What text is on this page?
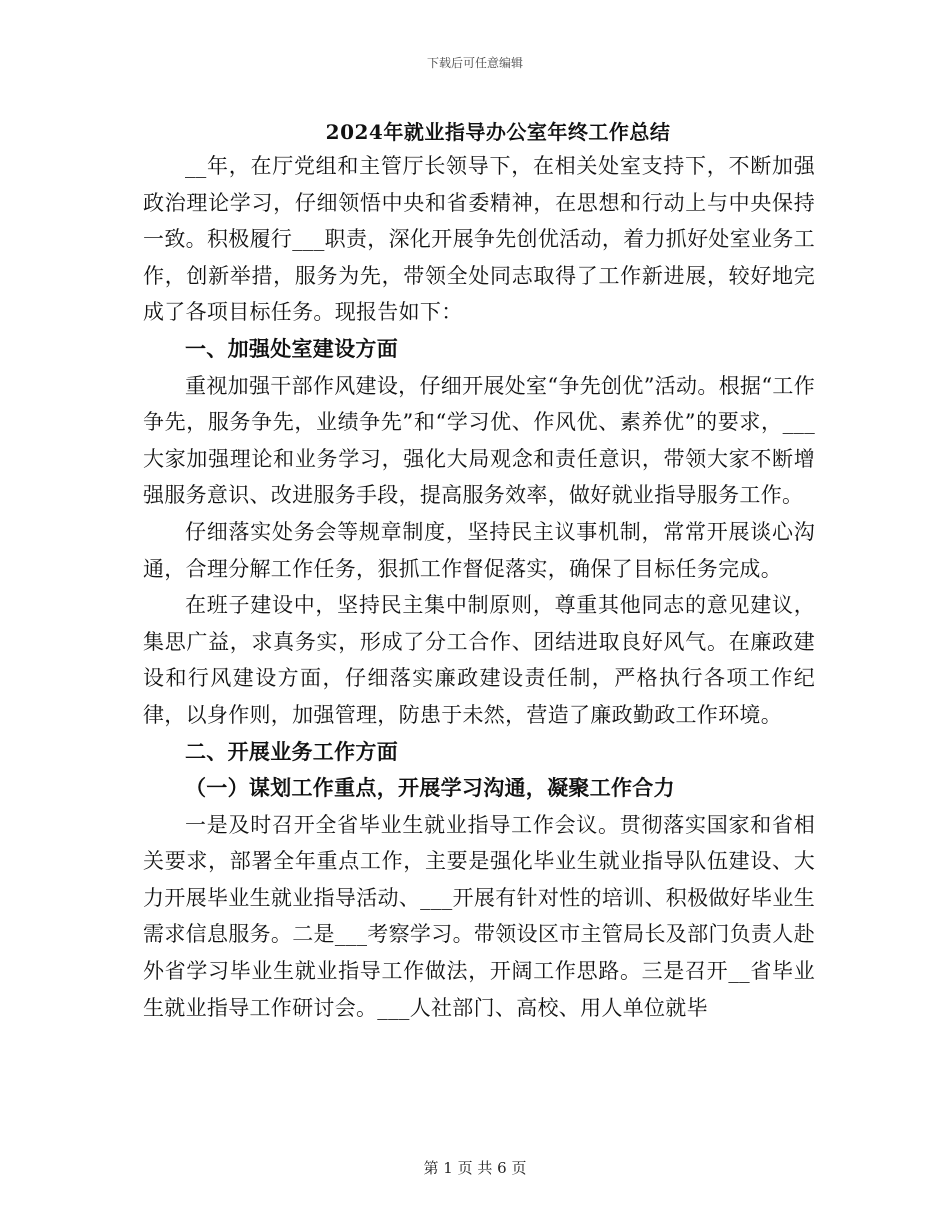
下载后可任意编辑
2024年就业指导办公室年终工作总结

__年，在厅党组和主管厅长领导下，在相关处室支持下，不断加强政治理论学习，仔细领悟中央和省委精神，在思想和行动上与中央保持一致。积极履行___职责，深化开展争先创优活动，着力抓好处室业务工作，创新举措，服务为先，带领全处同志取得了工作新进展，较好地完成了各项目标任务。现报告如下：

一、加强处室建设方面

重视加强干部作风建设，仔细开展处室“争先创优”活动。根据“工作争先，服务争先，业绩争先”和“学习优、作风优、素养优”的要求，___大家加强理论和业务学习，强化大局观念和责任意识，带领大家不断增强服务意识、改进服务手段，提高服务效率，做好就业指导服务工作。

仔细落实处务会等规章制度，坚持民主议事机制，常常开展谈心沟通，合理分解工作任务，狠抓工作督促落实，确保了目标任务完成。

在班子建设中，坚持民主集中制原则，尊重其他同志的意见建议，集思广益，求真务实，形成了分工合作、团结进取良好风气。在廉政建设和行风建设方面，仔细落实廉政建设责任制，严格执行各项工作纪律，以身作则，加强管理，防患于未然，营造了廉政勤政工作环境。

二、开展业务工作方面

（一）谋划工作重点，开展学习沟通，凝聚工作合力

一是及时召开全省毕业生就业指导工作会议。贯彻落实国家和省相关要求，部署全年重点工作，主要是强化毕业生就业指导队伍建设、大力开展毕业生就业指导活动、___开展有针对性的培训、积极做好毕业生需求信息服务。二是___考察学习。带领设区市主管局长及部门负责人赴外省学习毕业生就业指导工作做法，开阔工作思路。三是召开__省毕业生就业指导工作研讨会。___人社部门、高校、用人单位就毕

第 1 页 共 6 页
